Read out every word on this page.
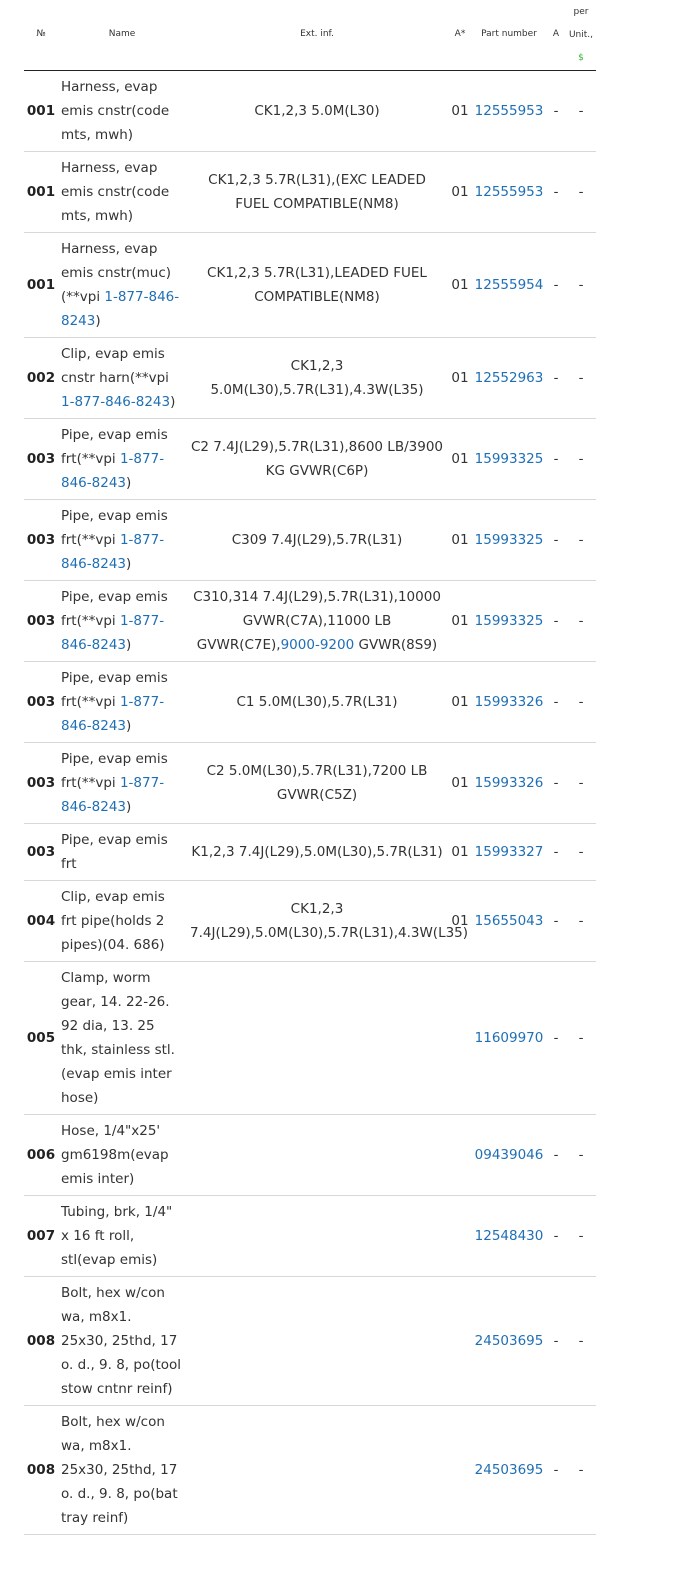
№	Name	Ext. inf.	A*	Part number	A	per
Unit.,
$

001	Harness, evap emis cnstr(code mts, mwh)	CK1,2,3 5.0M(L30)	01	12555953	-	-
001	Harness, evap emis cnstr(code mts, mwh)	CK1,2,3 5.7R(L31),(EXC LEADED FUEL COMPATIBLE(NM8)	01	12555953	-	-
001	Harness, evap emis cnstr(muc) (**vpi 1-877-846-8243)	CK1,2,3 5.7R(L31),LEADED FUEL COMPATIBLE(NM8)	01	12555954	-	-
002	Clip, evap emis cnstr harn(**vpi 1-877-846-8243)	CK1,2,3 5.0M(L30),5.7R(L31),4.3W(L35)	01	12552963	-	-
003	Pipe, evap emis frt(**vpi 1-877-846-8243)	C2 7.4J(L29),5.7R(L31),8600 LB/3900 KG GVWR(C6P)	01	15993325	-	-
003	Pipe, evap emis frt(**vpi 1-877-846-8243)	C309 7.4J(L29),5.7R(L31)	01	15993325	-	-
003	Pipe, evap emis frt(**vpi 1-877-846-8243)	C310,314 7.4J(L29),5.7R(L31),10000 GVWR(C7A),11000 LB GVWR(C7E),9000-9200 GVWR(8S9)	01	15993325	-	-
003	Pipe, evap emis frt(**vpi 1-877-846-8243)	C1 5.0M(L30),5.7R(L31)	01	15993326	-	-
003	Pipe, evap emis frt(**vpi 1-877-846-8243)	C2 5.0M(L30),5.7R(L31),7200 LB GVWR(C5Z)	01	15993326	-	-
003	Pipe, evap emis frt	K1,2,3 7.4J(L29),5.0M(L30),5.7R(L31)	01	15993327	-	-
004	Clip, evap emis frt pipe(holds 2 pipes)(04. 686)	CK1,2,3 7.4J(L29),5.0M(L30),5.7R(L31),4.3W(L35)	01	15655043	-	-
005	Clamp, worm gear, 14. 22-26. 92 dia, 13. 25 thk, stainless stl. (evap emis inter hose)			11609970	-	-
006	Hose, 1/4"x25' gm6198m(evap emis inter)			09439046	-	-
007	Tubing, brk, 1/4" x 16 ft roll, stl(evap emis)			12548430	-	-
008	Bolt, hex w/con wa, m8x1. 25x30, 25thd, 17 o. d., 9. 8, po(tool stow cntnr reinf)			24503695	-	-
008	Bolt, hex w/con wa, m8x1. 25x30, 25thd, 17 o. d., 9. 8, po(bat tray reinf)			24503695	-	-
